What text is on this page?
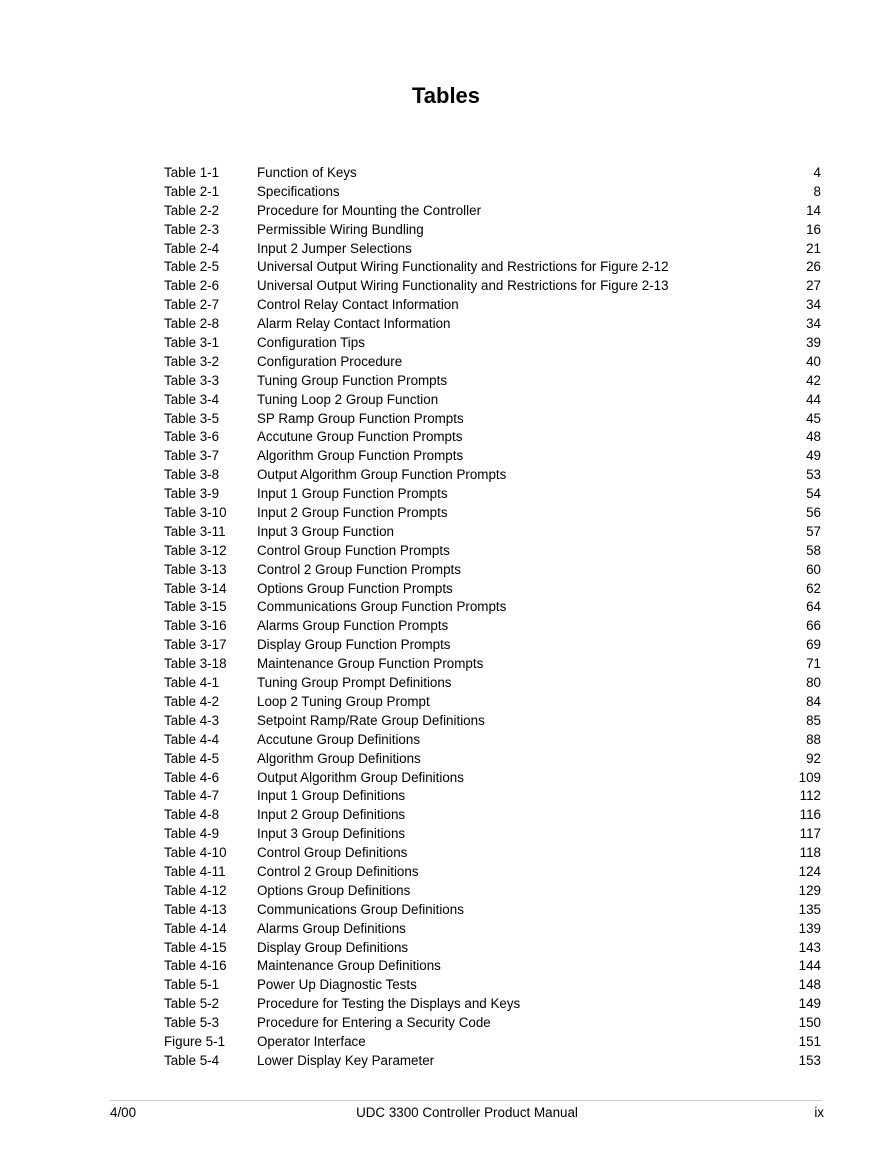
Tables
Table 1-1	Function of Keys	4
Table 2-1	Specifications	8
Table 2-2	Procedure for Mounting the Controller	14
Table 2-3	Permissible Wiring Bundling	16
Table 2-4	Input 2 Jumper Selections	21
Table 2-5	Universal Output Wiring Functionality and Restrictions for Figure 2-12	26
Table 2-6	Universal Output Wiring Functionality and Restrictions for Figure 2-13	27
Table 2-7	Control Relay Contact Information	34
Table 2-8	Alarm Relay Contact Information	34
Table 3-1	Configuration Tips	39
Table 3-2	Configuration Procedure	40
Table 3-3	Tuning Group Function Prompts	42
Table 3-4	Tuning Loop 2 Group Function	44
Table 3-5	SP Ramp Group Function Prompts	45
Table 3-6	Accutune Group Function Prompts	48
Table 3-7	Algorithm Group Function Prompts	49
Table 3-8	Output Algorithm Group Function Prompts	53
Table 3-9	Input 1 Group Function Prompts	54
Table 3-10	Input 2 Group Function Prompts	56
Table 3-11	Input 3 Group Function	57
Table 3-12	Control Group Function Prompts	58
Table 3-13	Control 2 Group Function Prompts	60
Table 3-14	Options Group Function Prompts	62
Table 3-15	Communications Group Function Prompts	64
Table 3-16	Alarms Group Function Prompts	66
Table 3-17	Display Group Function Prompts	69
Table 3-18	Maintenance Group Function Prompts	71
Table 4-1	Tuning Group Prompt Definitions	80
Table 4-2	Loop 2 Tuning Group Prompt	84
Table 4-3	Setpoint Ramp/Rate Group Definitions	85
Table 4-4	Accutune Group Definitions	88
Table 4-5	Algorithm Group Definitions	92
Table 4-6	Output Algorithm Group Definitions	109
Table 4-7	Input 1 Group Definitions	112
Table 4-8	Input 2 Group Definitions	116
Table 4-9	Input 3 Group Definitions	117
Table 4-10	Control Group Definitions	118
Table 4-11	Control 2 Group Definitions	124
Table 4-12	Options Group Definitions	129
Table 4-13	Communications Group Definitions	135
Table 4-14	Alarms Group Definitions	139
Table 4-15	Display Group Definitions	143
Table 4-16	Maintenance Group Definitions	144
Table 5-1	Power Up Diagnostic Tests	148
Table 5-2	Procedure for Testing the Displays and Keys	149
Table 5-3	Procedure for Entering a Security Code	150
Figure 5-1	Operator Interface	151
Table 5-4	Lower Display Key Parameter	153
4/00	UDC 3300 Controller Product Manual	ix
